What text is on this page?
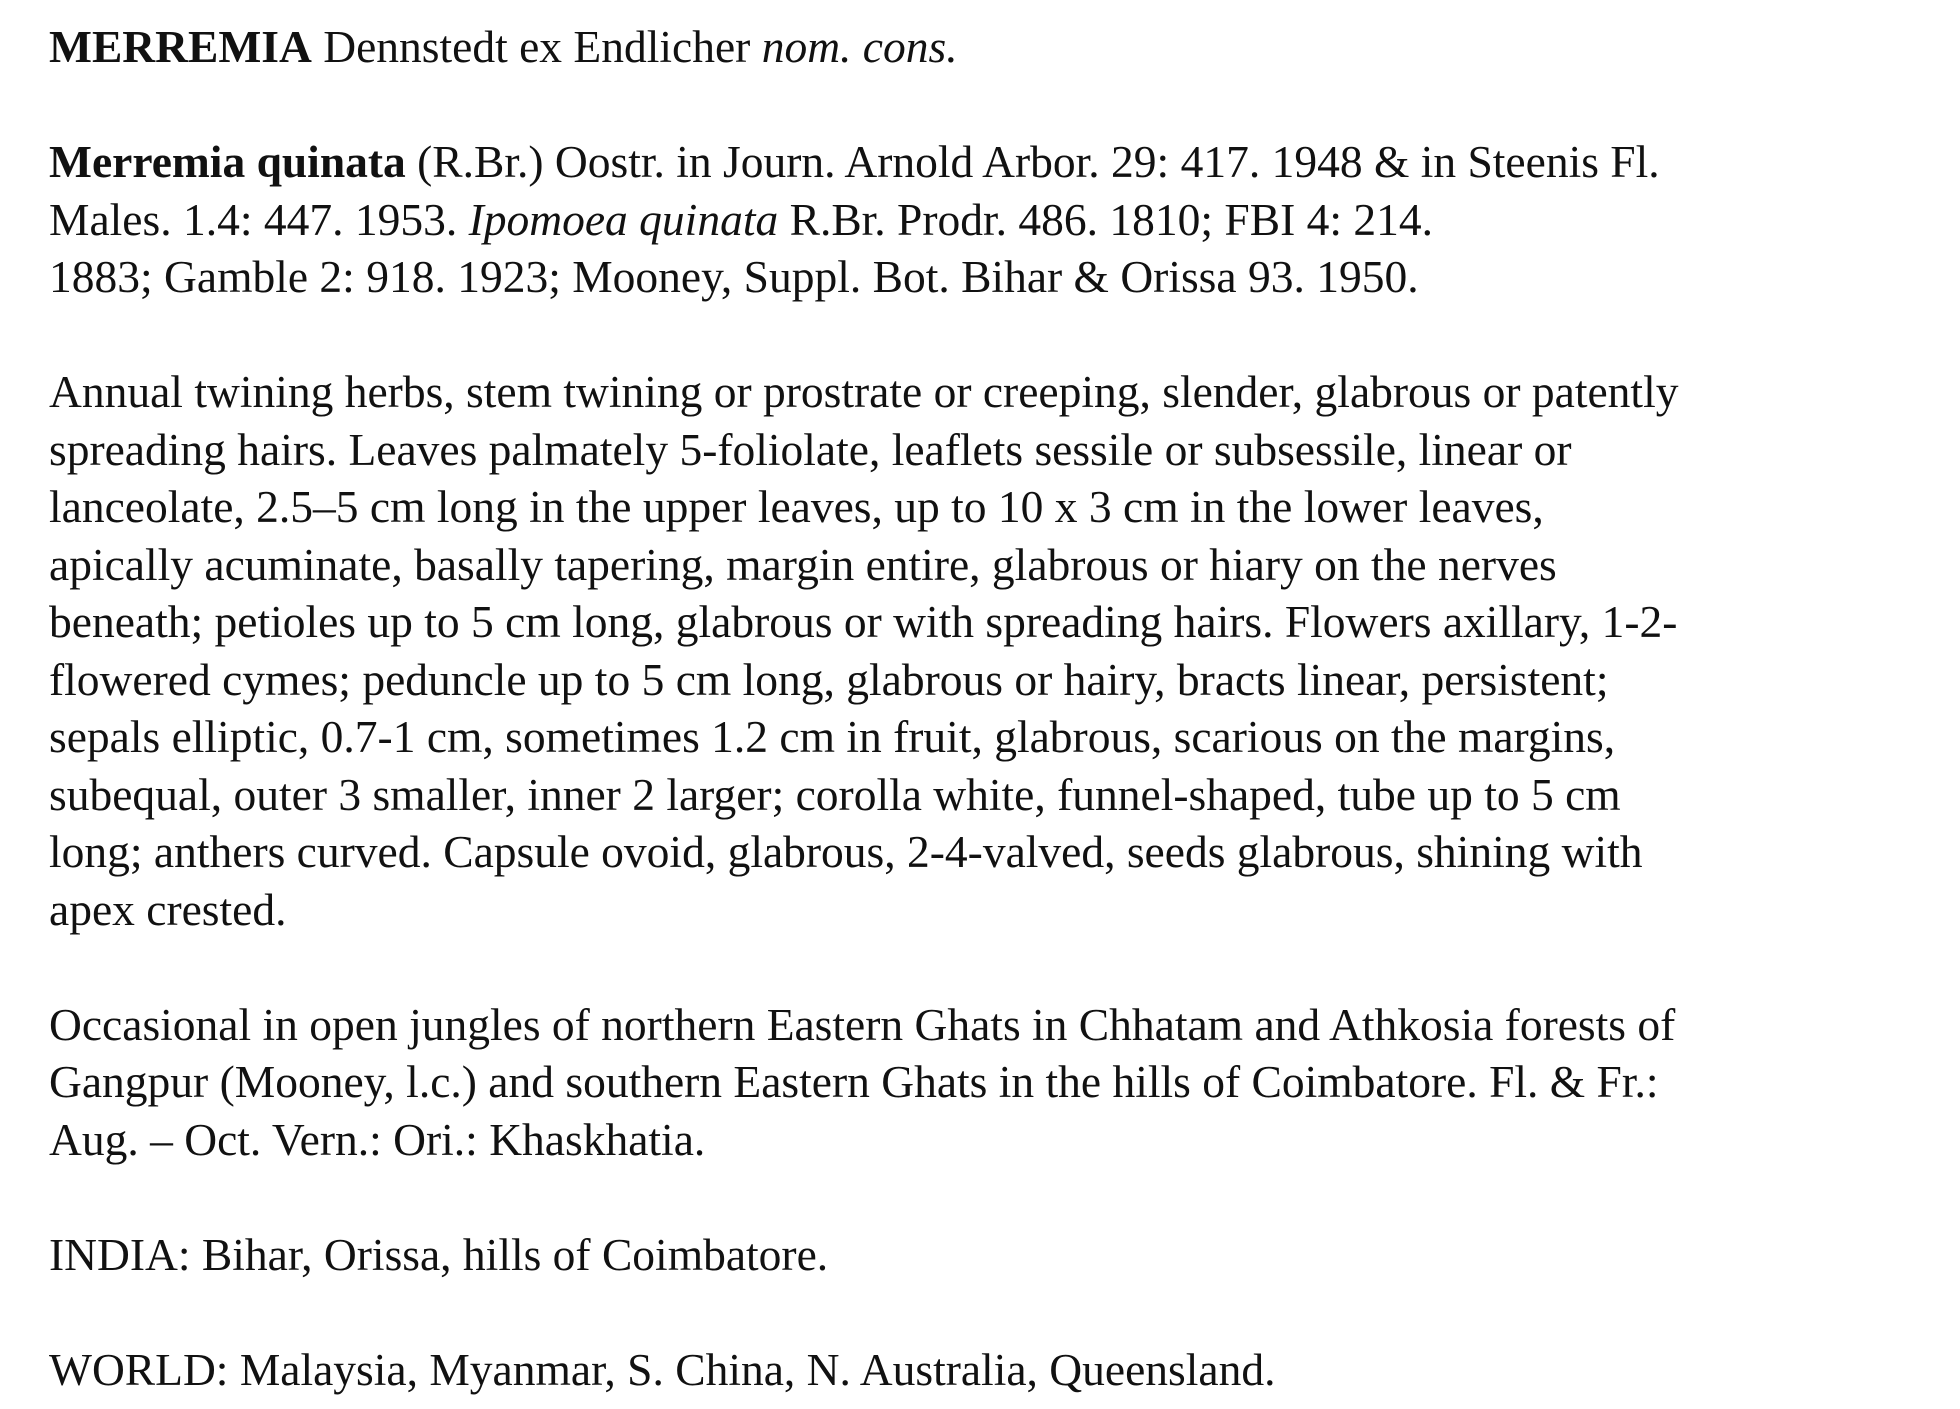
MERREMIA Dennstedt ex Endlicher nom. cons.
Merremia quinata (R.Br.) Oostr. in Journ. Arnold Arbor. 29: 417. 1948 & in Steenis Fl.
Males. 1.4: 447. 1953. Ipomoea quinata R.Br. Prodr. 486. 1810; FBI 4: 214.
1883; Gamble 2: 918. 1923; Mooney, Suppl. Bot. Bihar & Orissa 93. 1950.
Annual twining herbs, stem twining or prostrate or creeping, slender, glabrous or patently
spreading hairs. Leaves palmately 5-foliolate, leaflets sessile or subsessile, linear or
lanceolate, 2.5–5 cm long in the upper leaves, up to 10 x 3 cm in the lower leaves,
apically acuminate, basally tapering, margin entire, glabrous or hiary on the nerves
beneath; petioles up to 5 cm long, glabrous or with spreading hairs. Flowers axillary, 1-2-
flowered cymes; peduncle up to 5 cm long, glabrous or hairy, bracts linear, persistent;
sepals elliptic, 0.7-1 cm, sometimes 1.2 cm in fruit, glabrous, scarious on the margins,
subequal, outer 3 smaller, inner 2 larger; corolla white, funnel-shaped, tube up to 5 cm
long; anthers curved. Capsule ovoid, glabrous, 2-4-valved, seeds glabrous, shining with
apex crested.
Occasional in open jungles of northern Eastern Ghats in Chhatam and Athkosia forests of
Gangpur (Mooney, l.c.) and southern Eastern Ghats in the hills of Coimbatore. Fl. & Fr.:
Aug. – Oct. Vern.: Ori.: Khaskhatia.
INDIA: Bihar, Orissa, hills of Coimbatore.
WORLD: Malaysia, Myanmar, S. China, N. Australia, Queensland.
